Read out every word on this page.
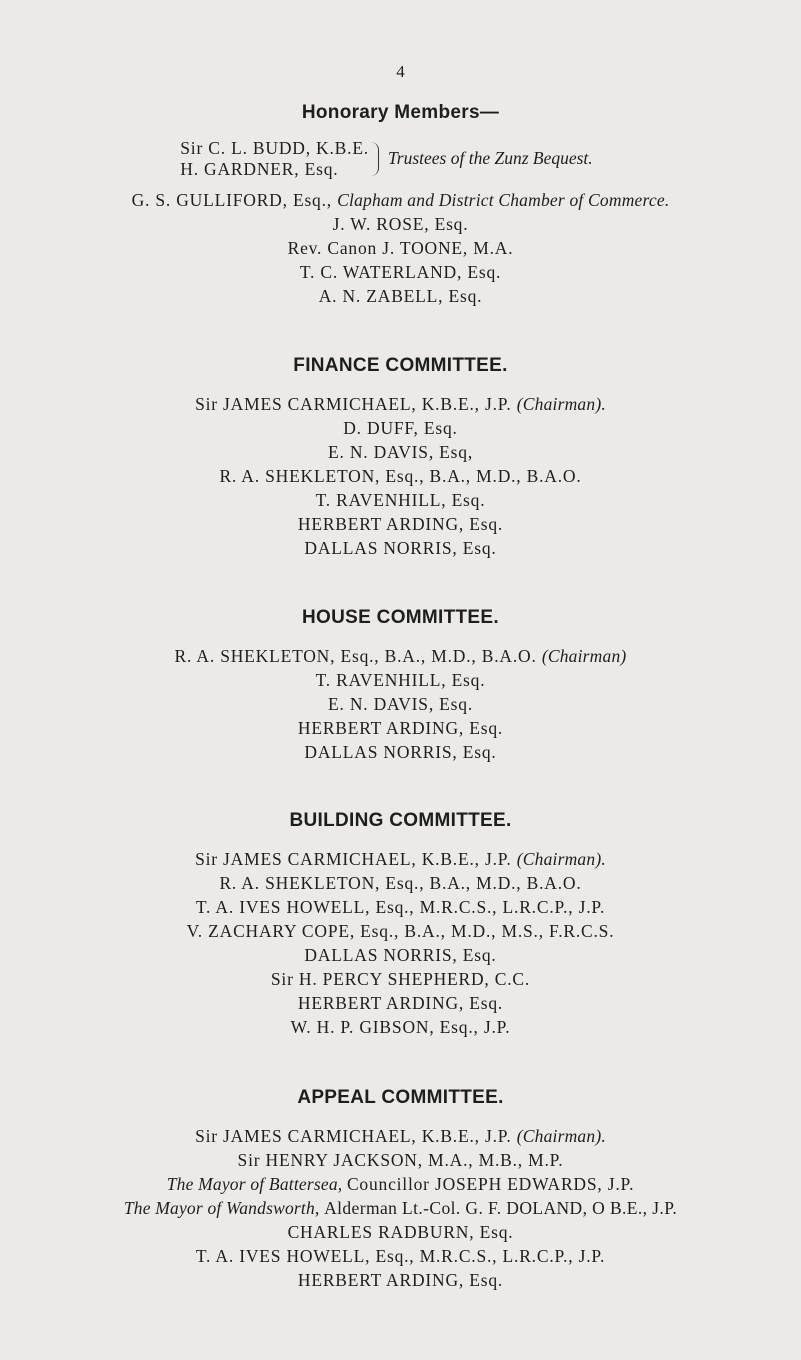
4
Honorary Members—
Sir C. L. BUDD, K.B.E.
H. GARDNER, Esq.
Trustees of the Zunz Bequest.
G. S. GULLIFORD, Esq., Clapham and District Chamber of Commerce.
J. W. ROSE, Esq.
Rev. Canon J. TOONE, M.A.
T. C. WATERLAND, Esq.
A. N. ZABELL, Esq.
FINANCE COMMITTEE.
Sir JAMES CARMICHAEL, K.B.E., J.P. (Chairman).
D. DUFF, Esq.
E. N. DAVIS, Esq,
R. A. SHEKLETON, Esq., B.A., M.D., B.A.O.
T. RAVENHILL, Esq.
HERBERT ARDING, Esq.
DALLAS NORRIS, Esq.
HOUSE COMMITTEE.
R. A. SHEKLETON, Esq., B.A., M.D., B.A.O. (Chairman)
T. RAVENHILL, Esq.
E. N. DAVIS, Esq.
HERBERT ARDING, Esq.
DALLAS NORRIS, Esq.
BUILDING COMMITTEE.
Sir JAMES CARMICHAEL, K.B.E., J.P. (Chairman).
R. A. SHEKLETON, Esq., B.A., M.D., B.A.O.
T. A. IVES HOWELL, Esq., M.R.C.S., L.R.C.P., J.P.
V. ZACHARY COPE, Esq., B.A., M.D., M.S., F.R.C.S.
DALLAS NORRIS, Esq.
Sir H. PERCY SHEPHERD, C.C.
HERBERT ARDING, Esq.
W. H. P. GIBSON, Esq., J.P.
APPEAL COMMITTEE.
Sir JAMES CARMICHAEL, K.B.E., J.P. (Chairman).
Sir HENRY JACKSON, M.A., M.B., M.P.
The Mayor of Battersea, Councillor JOSEPH EDWARDS, J.P.
The Mayor of Wandsworth, Alderman Lt.-Col. G. F. DOLAND, O B.E., J.P.
CHARLES RADBURN, Esq.
T. A. IVES HOWELL, Esq., M.R.C.S., L.R.C.P., J.P.
HERBERT ARDING, Esq.
